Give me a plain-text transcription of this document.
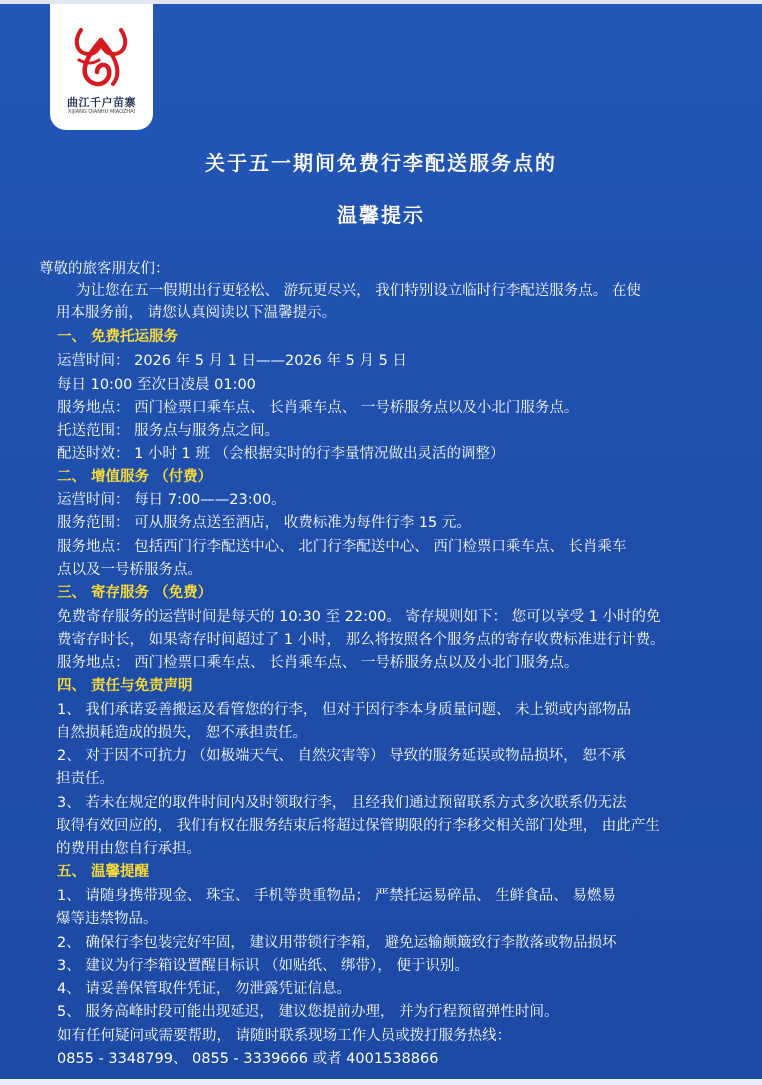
曲江千户苗寨
XIJIANG QIANHU MIAOZHAI
关于五一期间免费行李配送服务点的
温馨提示
尊敬的旅客朋友们：
为让您在五一假期出行更轻松、 游玩更尽兴， 我们特别设立临时行李配送服务点。 在使
用本服务前， 请您认真阅读以下温馨提示。
一、 免费托运服务
运营时间： 2026 年 5 月 1 日——2026 年 5 月 5 日
每日 10:00 至次日凌晨 01:00
服务地点： 西门检票口乘车点、 长肖乘车点、 一号桥服务点以及小北门服务点。
托送范围： 服务点与服务点之间。
配送时效： 1 小时 1 班 （会根据实时的行李量情况做出灵活的调整）
二、 增值服务 （付费）
运营时间： 每日 7:00——23:00。
服务范围： 可从服务点送至酒店， 收费标准为每件行李 15 元。
服务地点： 包括西门行李配送中心、 北门行李配送中心、 西门检票口乘车点、 长肖乘车
点以及一号桥服务点。
三、 寄存服务 （免费）
免费寄存服务的运营时间是每天的 10:30 至 22:00。 寄存规则如下： 您可以享受 1 小时的免
费寄存时长， 如果寄存时间超过了 1 小时， 那么将按照各个服务点的寄存收费标准进行计费。
服务地点： 西门检票口乘车点、 长肖乘车点、 一号桥服务点以及小北门服务点。
四、 责任与免责声明
1、 我们承诺妥善搬运及看管您的行李， 但对于因行李本身质量问题、 未上锁或内部物品
自然损耗造成的损失， 恕不承担责任。
2、 对于因不可抗力 （如极端天气、 自然灾害等） 导致的服务延误或物品损坏， 恕不承
担责任。
3、 若未在规定的取件时间内及时领取行李， 且经我们通过预留联系方式多次联系仍无法
取得有效回应的， 我们有权在服务结束后将超过保管期限的行李移交相关部门处理， 由此产生
的费用由您自行承担。
五、 温馨提醒
1、 请随身携带现金、 珠宝、 手机等贵重物品； 严禁托运易碎品、 生鲜食品、 易燃易
爆等违禁物品。
2、 确保行李包装完好牢固， 建议用带锁行李箱， 避免运输颠簸致行李散落或物品损坏
3、 建议为行李箱设置醒目标识 （如贴纸、 绑带）， 便于识别。
4、 请妥善保管取件凭证， 勿泄露凭证信息。
5、 服务高峰时段可能出现延迟， 建议您提前办理， 并为行程预留弹性时间。
如有任何疑问或需要帮助， 请随时联系现场工作人员或拨打服务热线：
0855 - 3348799、 0855 - 3339666 或者 4001538866
